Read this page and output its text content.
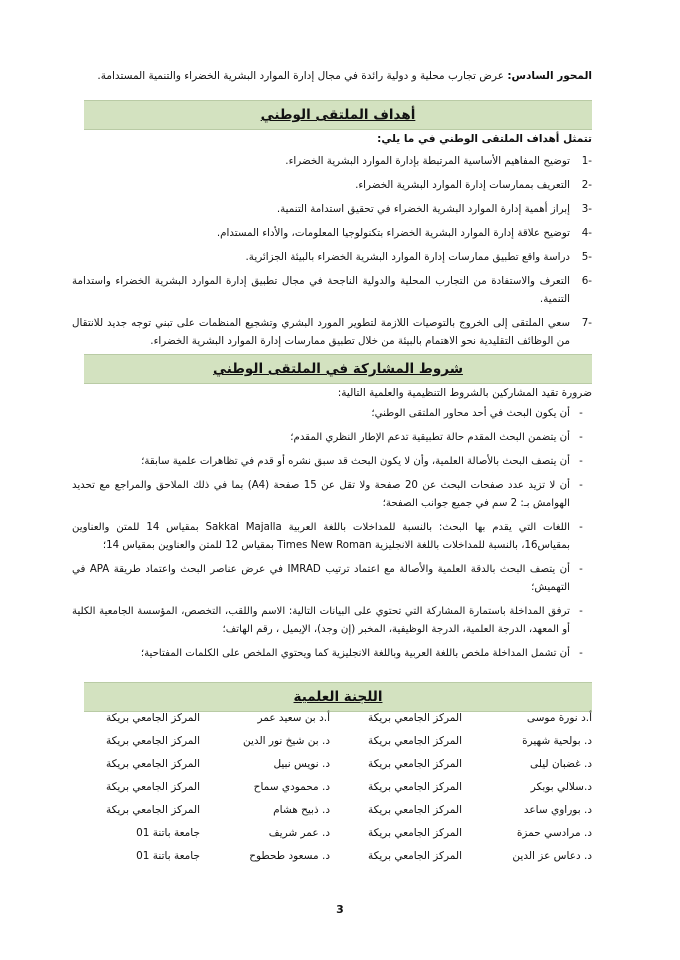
المحور السادس: عرض تجارب محلية و دولية رائدة في مجال إدارة الموارد البشرية الخضراء والتنمية المستدامة.
أهداف الملتقى الوطني
تتمثل أهداف الملتقى الوطني في ما يلي:
-1
توضيح المفاهيم الأساسية المرتبطة بإدارة الموارد البشرية الخضراء.
-2
التعريف بممارسات إدارة الموارد البشرية الخضراء.
-3
إبراز أهمية إدارة الموارد البشرية الخضراء في تحقيق استدامة التنمية.
-4
توضيح علاقة إدارة الموارد البشرية الخضراء بتكنولوجيا المعلومات، والأداء المستدام.
-5
دراسة واقع تطبيق ممارسات إدارة الموارد البشرية الخضراء بالبيئة الجزائرية.
-6
التعرف والاستفادة من التجارب المحلية والدولية الناجحة في مجال تطبيق إدارة الموارد البشرية الخضراء واستدامة التنمية.
-7
سعي الملتقى إلى الخروج بالتوصيات اللازمة لتطوير المورد البشري وتشجيع المنظمات على تبني توجه جديد للانتقال من الوظائف التقليدية نحو الاهتمام بالبيئة من خلال تطبيق ممارسات إدارة الموارد البشرية الخضراء.
شروط المشاركة في الملتقى الوطني
ضرورة تقيد المشاركين بالشروط التنظيمية والعلمية التالية:
-
أن يكون البحث في أحد محاور الملتقى الوطني؛
-
أن يتضمن البحث المقدم حالة تطبيقية تدعم الإطار النظري المقدم؛
-
أن يتصف البحث بالأصالة العلمية، وأن لا يكون البحث قد سبق نشره أو قدم في تظاهرات علمية سابقة؛
-
أن لا تزيد عدد صفحات البحث عن 20 صفحة ولا تقل عن 15 صفحة (A4) بما في ذلك الملاحق والمراجع مع تحديد الهوامش بـ: 2 سم في جميع جوانب الصفحة؛
-
اللغات التي يقدم بها البحث: بالنسبة للمداخلات باللغة العربية Sakkal Majalla بمقياس 14 للمتن والعناوين بمقياس16، بالنسبة للمداخلات باللغة الانجليزية Times New Roman بمقياس 12 للمتن والعناوين بمقياس 14؛
-
أن يتصف البحث بالدقة العلمية والأصالة مع اعتماد ترتيب IMRAD في عرض عناصر البحث واعتماد طريقة APA في التهميش؛
-
ترفق المداخلة باستمارة المشاركة التي تحتوي على البيانات التالية: الاسم واللقب، التخصص، المؤسسة الجامعية الكلية أو المعهد، الدرجة العلمية، الدرجة الوظيفية، المخبر (إن وجد)، الإيميل ، رقم الهاتف؛
-
أن تشمل المداخلة ملخص باللغة العربية وباللغة الانجليزية كما ويحتوي الملخص على الكلمات المفتاحية؛
اللجنة العلمية
أ.د نورة موسى
المركز الجامعي بريكة
أ.د بن سعيد عمر
المركز الجامعي بريكة
د. بولحية شهيرة
المركز الجامعي بريكة
د. بن شيخ نور الدين
المركز الجامعي بريكة
د. غضبان ليلى
المركز الجامعي بريكة
د. نويس نبيل
المركز الجامعي بريكة
د.سلالي بوبكر
المركز الجامعي بريكة
د. محمودي سماح
المركز الجامعي بريكة
د. بوراوي ساعد
المركز الجامعي بريكة
د. ذبيح هشام
المركز الجامعي بريكة
د. مرادسي حمزة
المركز الجامعي بريكة
د. عمر شريف
جامعة باتنة 01
د. دعاس عز الدين
المركز الجامعي بريكة
د. مسعود طحطوح
جامعة باتنة 01
3
